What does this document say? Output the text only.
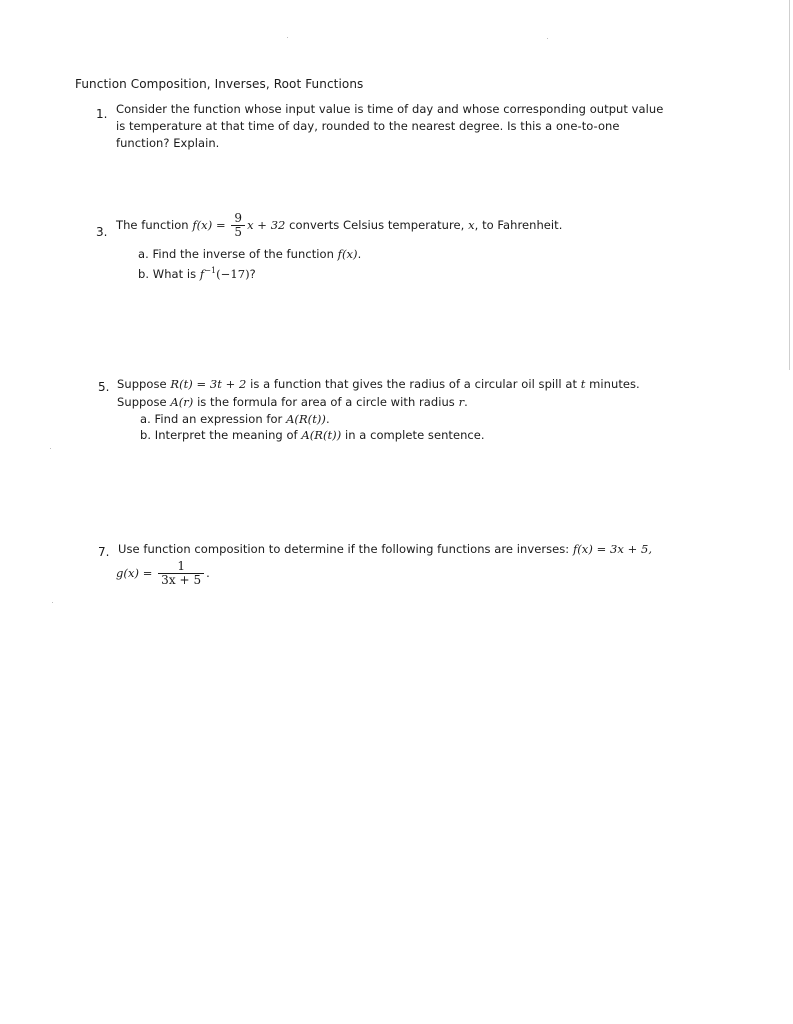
Function Composition, Inverses, Root Functions
1. Consider the function whose input value is time of day and whose corresponding output value
is temperature at that time of day, rounded to the nearest degree. Is this a one-to-one
function? Explain.
3. The function $f(x) = \frac{9}{5}$ x + 32 converts Celsius temperature, x, to Fahrenheit.
a. Find the inverse of the function f(x).
b. What is $f^{-1}(-17)$?
5. Suppose R(t) = 3t + 2 is a function that gives the radius of a circular oil spill at t minutes.
Suppose A(r) is the formula for area of a circle with radius r.
a. Find an expression for A(R(t)).
b. Interpret the meaning of A(R(t)) in a complete sentence.
7. Use function composition to determine if the following functions are inverses: f(x) = 3x + 5,
$g(x) = \frac{1}{3x + 5}$ .
